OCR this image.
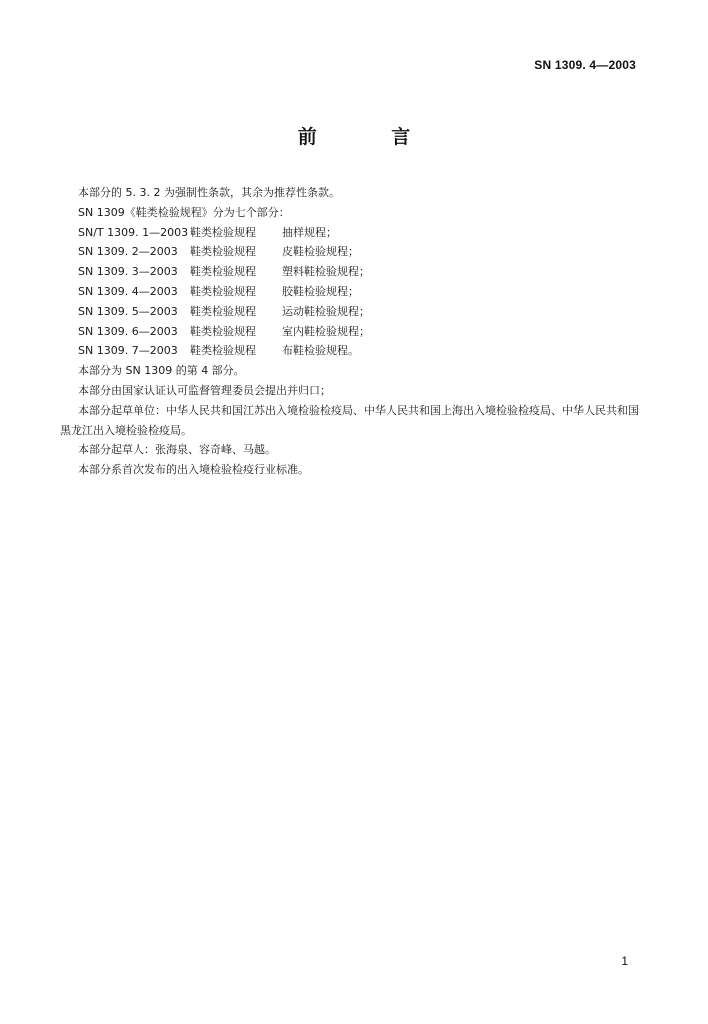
SN 1309. 4—2003
前 言
本部分的 5. 3. 2 为强制性条款，其余为推荐性条款。
SN 1309《鞋类检验规程》分为七个部分：
SN/T 1309. 1—2003 鞋类检验规程 抽样规程；
SN 1309. 2—2003 鞋类检验规程 皮鞋检验规程；
SN 1309. 3—2003 鞋类检验规程 塑料鞋检验规程；
SN 1309. 4—2003 鞋类检验规程 胶鞋检验规程；
SN 1309. 5—2003 鞋类检验规程 运动鞋检验规程；
SN 1309. 6—2003 鞋类检验规程 室内鞋检验规程；
SN 1309. 7—2003 鞋类检验规程 布鞋检验规程。
本部分为 SN 1309 的第 4 部分。
本部分由国家认证认可监督管理委员会提出并归口；
本部分起草单位：中华人民共和国江苏出入境检验检疫局、中华人民共和国上海出入境检验检疫局、中华人民共和国黑龙江出入境检验检疫局。
本部分起草人：张海泉、容奇峰、马越。
本部分系首次发布的出入境检验检疫行业标准。
1
